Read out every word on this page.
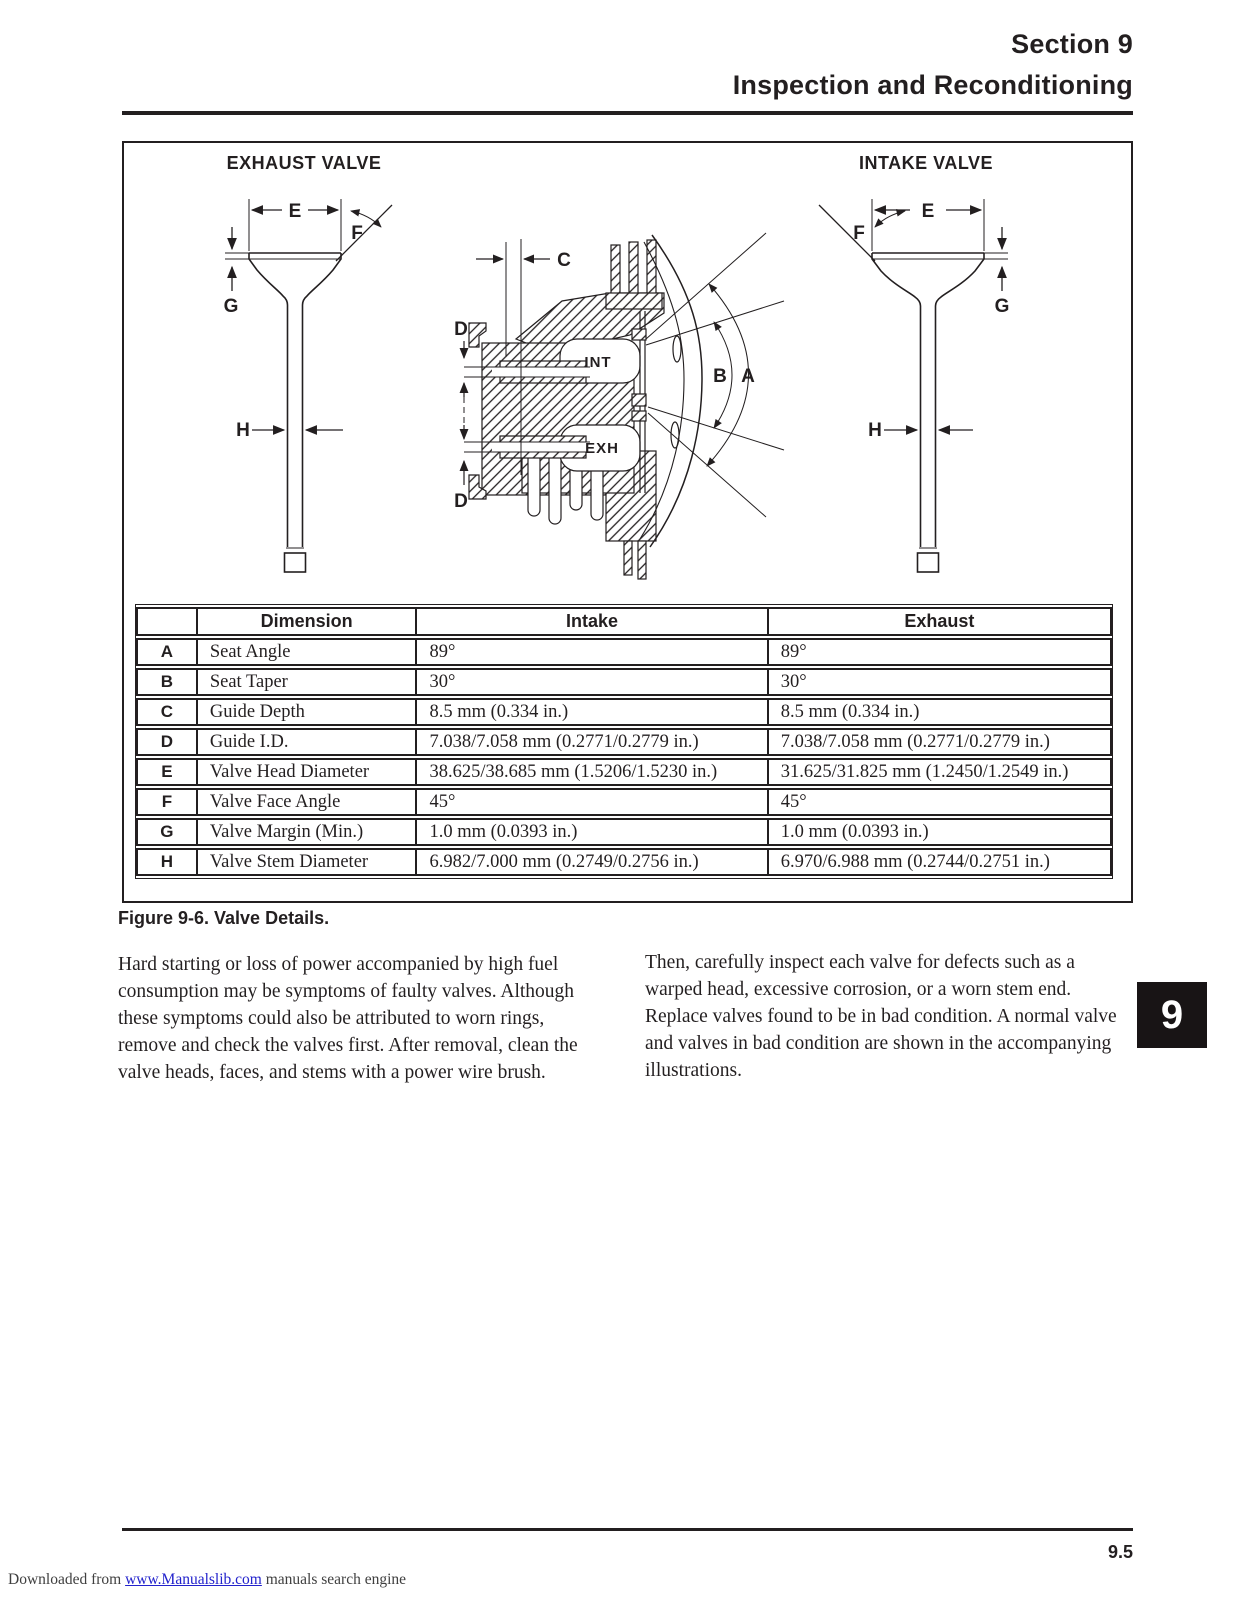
Section 9
Inspection and Reconditioning
EXHAUST VALVE	INTAKE VALVE
E
F
G
H
C
D
D
INT
EXH
B A
E
F
G
H
	Dimension	Intake	Exhaust
A	Seat Angle	89°	89°
B	Seat Taper	30°	30°
C	Guide Depth	8.5 mm (0.334 in.)	8.5 mm (0.334 in.)
D	Guide I.D.	7.038/7.058 mm (0.2771/0.2779 in.)	7.038/7.058 mm (0.2771/0.2779 in.)
E	Valve Head Diameter	38.625/38.685 mm (1.5206/1.5230 in.)	31.625/31.825 mm (1.2450/1.2549 in.)
F	Valve Face Angle	45°	45°
G	Valve Margin (Min.)	1.0 mm (0.0393 in.)	1.0 mm (0.0393 in.)
H	Valve Stem Diameter	6.982/7.000 mm (0.2749/0.2756 in.)	6.970/6.988 mm (0.2744/0.2751 in.)
Figure 9-6. Valve Details.
Hard starting or loss of power accompanied by high fuel consumption may be symptoms of faulty valves. Although these symptoms could also be attributed to worn rings, remove and check the valves first. After removal, clean the valve heads, faces, and stems with a power wire brush.
Then, carefully inspect each valve for defects such as a warped head, excessive corrosion, or a worn stem end. Replace valves found to be in bad condition. A normal valve and valves in bad condition are shown in the accompanying illustrations.
9
9.5
Downloaded from www.Manualslib.com manuals search engine
